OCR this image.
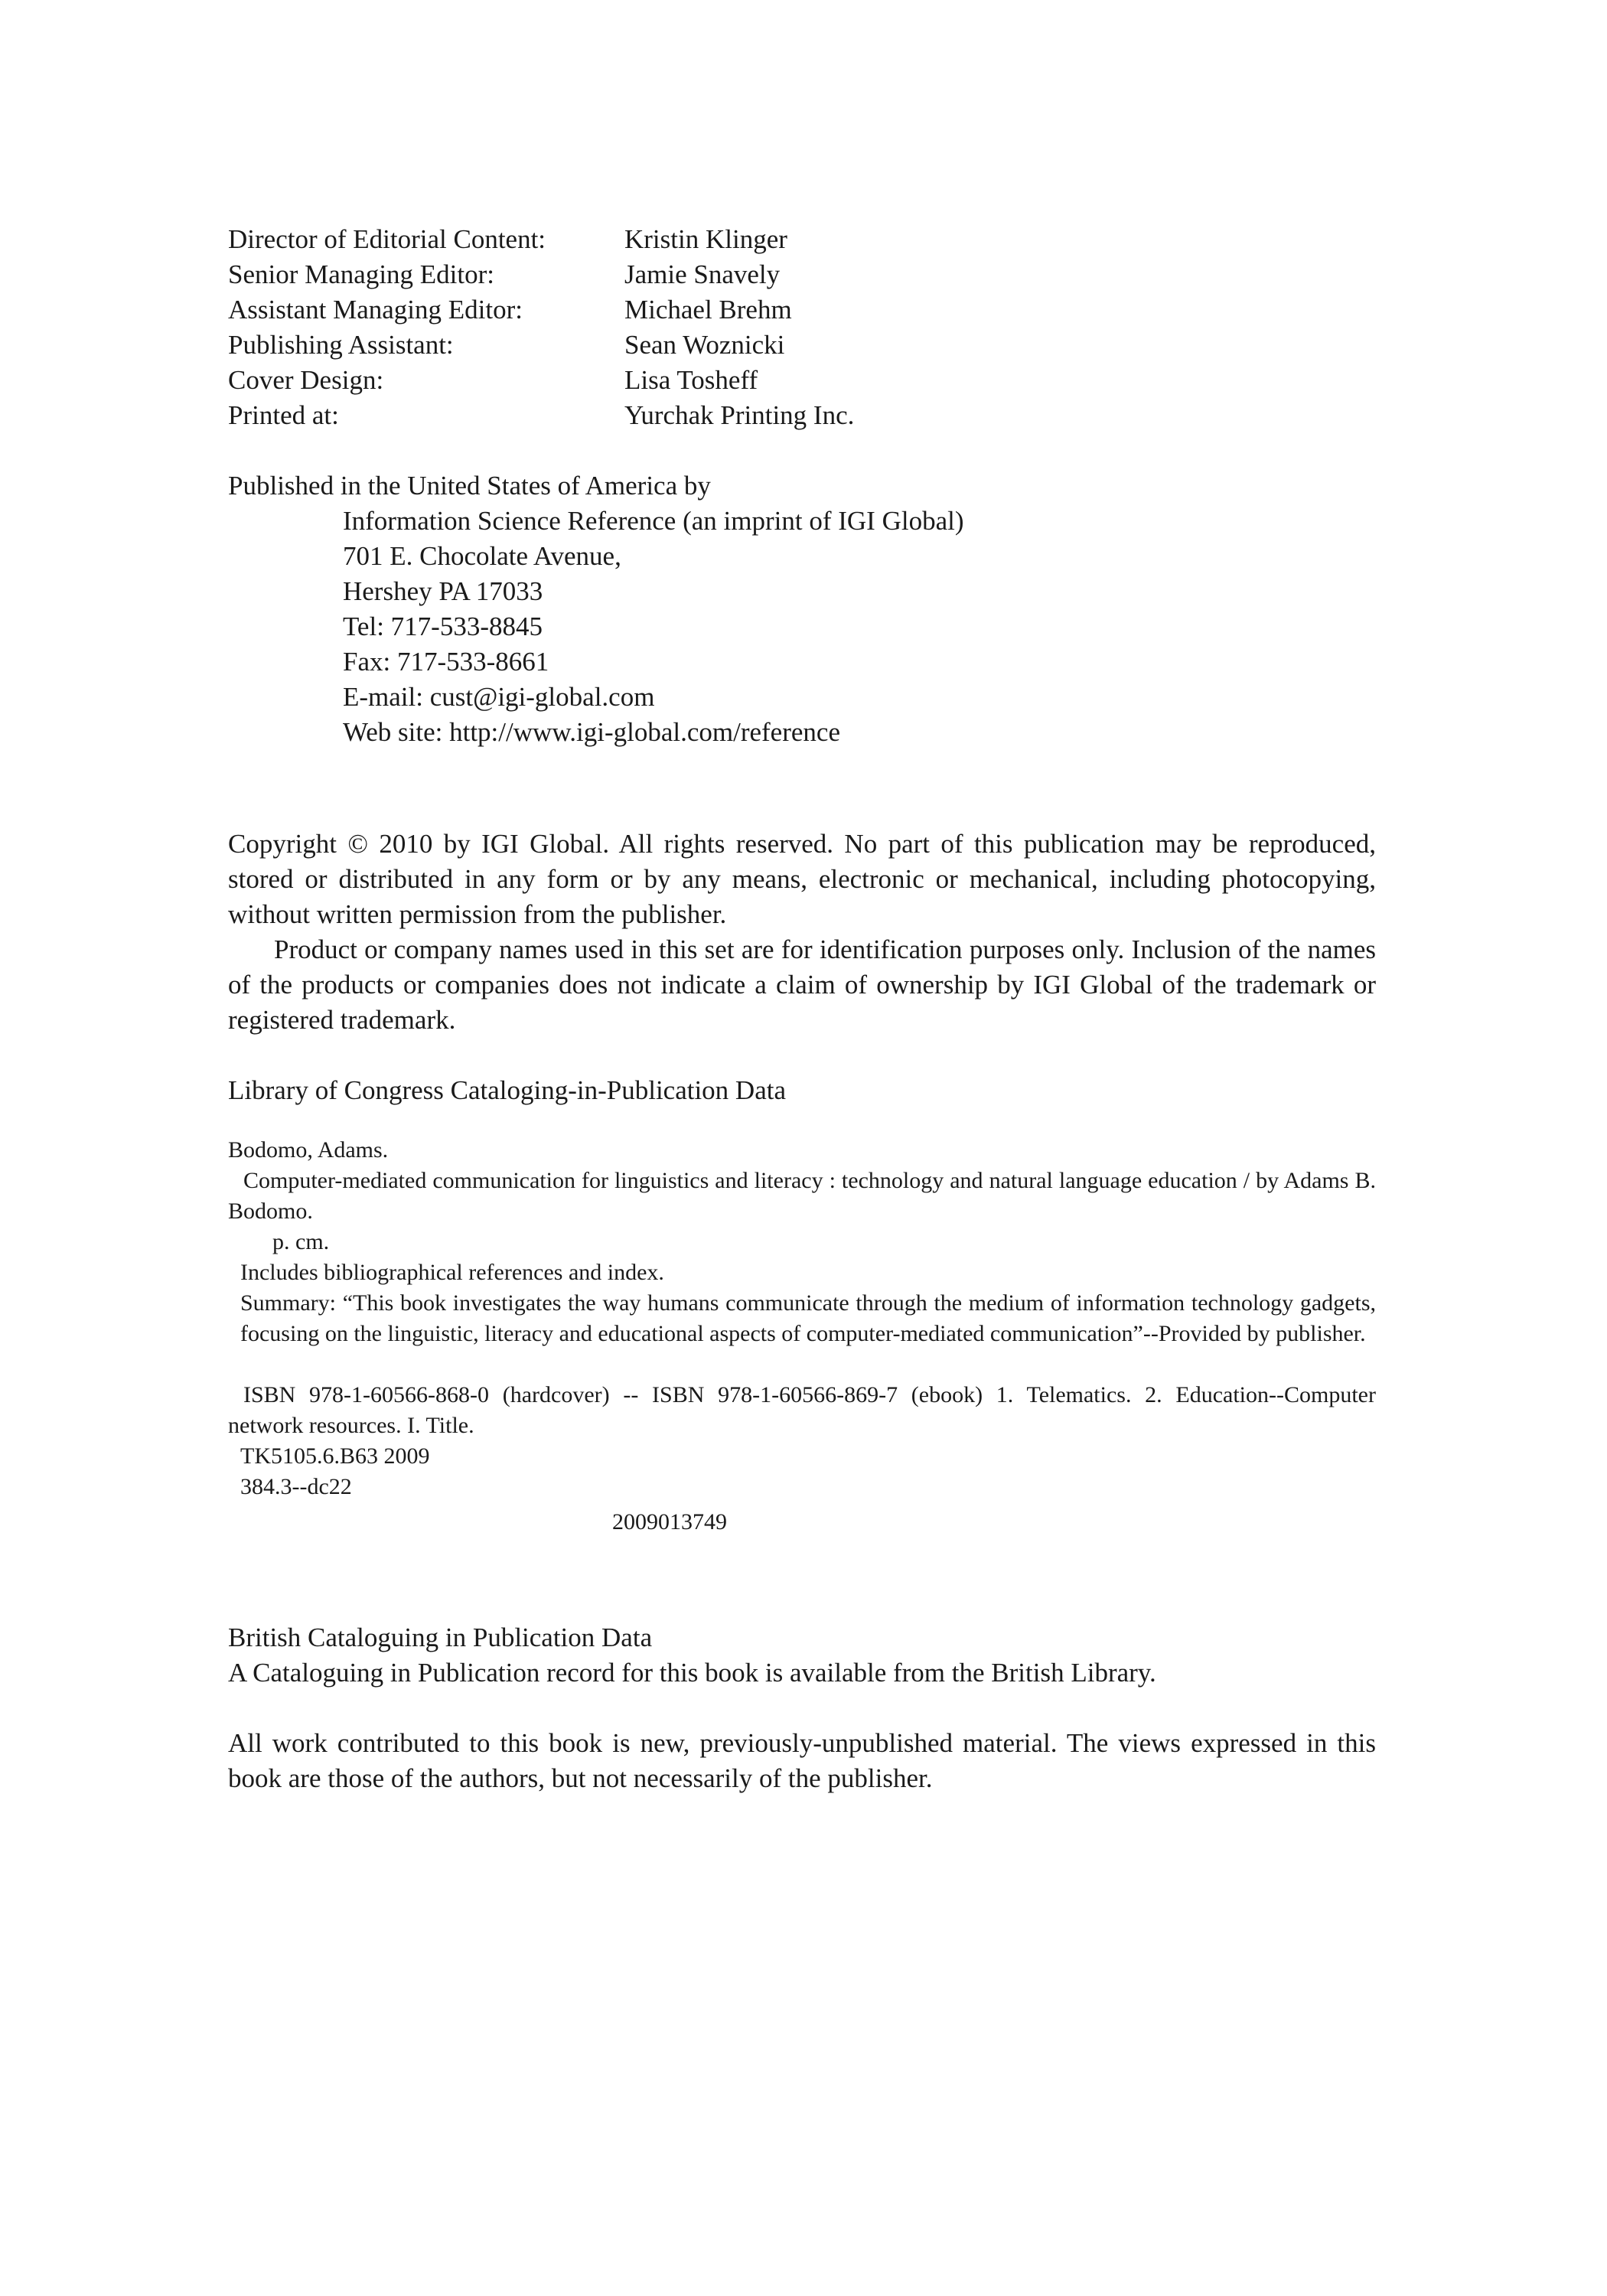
Director of Editorial Content:	Kristin Klinger
Senior Managing Editor:	Jamie Snavely
Assistant Managing Editor:	Michael Brehm
Publishing Assistant:	Sean Woznicki
Cover Design:	Lisa Tosheff
Printed at:	Yurchak Printing Inc.
Published in the United States of America by
Information Science Reference (an imprint of IGI Global)
701 E. Chocolate Avenue,
Hershey PA 17033
Tel: 717-533-8845
Fax: 717-533-8661
E-mail: cust@igi-global.com
Web site: http://www.igi-global.com/reference

Copyright © 2010 by IGI Global. All rights reserved. No part of this publication may be reproduced, stored or distributed in any form or by any means, electronic or mechanical, including photocopying, without written permission from the publisher.

Product or company names used in this set are for identification purposes only. Inclusion of the names of the products or companies does not indicate a claim of ownership by IGI Global of the trademark or registered trademark.

Library of Congress Cataloging-in-Publication Data

Bodomo, Adams.

Computer-mediated communication for linguistics and literacy : technology and natural language education / by Adams B. Bodomo.

p. cm.

Includes bibliographical references and index.

Summary: “This book investigates the way humans communicate through the medium of information technology gadgets, focusing on the linguistic, literacy and educational aspects of computer-mediated communication”--Provided by publisher.

ISBN 978-1-60566-868-0 (hardcover) -- ISBN 978-1-60566-869-7 (ebook) 1. Telematics. 2. Education--Computer network resources. I. Title.

TK5105.6.B63 2009

384.3--dc22

2009013749

British Cataloguing in Publication Data

A Cataloguing in Publication record for this book is available from the British Library.

All work contributed to this book is new, previously-unpublished material. The views expressed in this book are those of the authors, but not necessarily of the publisher.
